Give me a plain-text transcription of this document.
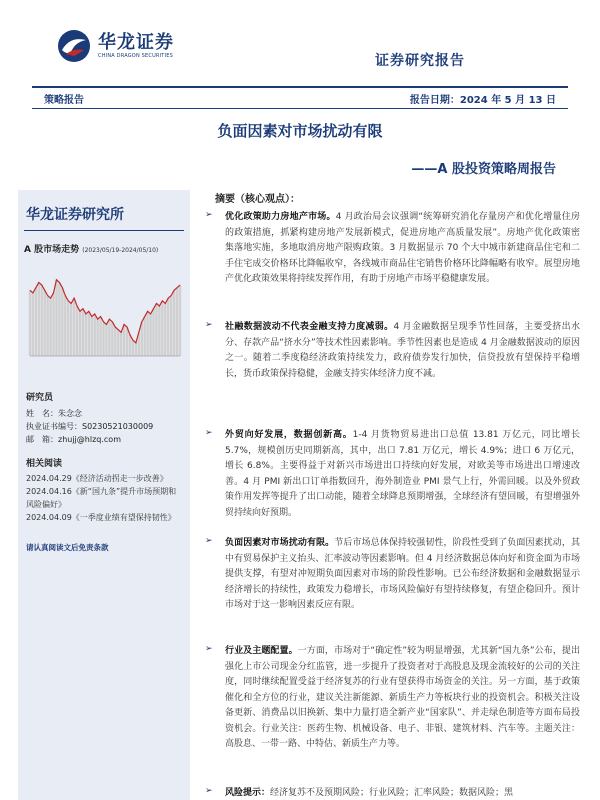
华龙证券
CHINA DRAGON SECURITIES	证券研究报告
策略报告	报告日期：2024 年 5 月 13 日
负面因素对市场扰动有限
——A 股投资策略周报告
华龙证券研究所
A 股市场走势 (2023/05/19-2024/05/10)
研究员
姓　名：朱念念
执业证书编号：S0230521030009
邮　箱：zhujj@hlzq.com
相关阅读
2024.04.29《经济活动拐走一步改善》
2024.04.16《新“国九条”提升市场预期和风险偏好》
2024.04.09《一季度业绩有望保持韧性》
请认真阅读文后免责条款
摘要（核心观点）：
➢ 优化政策助力房地产市场。4 月政治局会议强调“统筹研究消化存量房产和优化增量住房的政策措施，抓紧构建房地产发展新模式，促进房地产高质量发展”。房地产优化政策密集落地实施，多地取消房地产限购政策。3 月数据显示 70 个大中城市新建商品住宅和二手住宅成交价格环比降幅收窄，各线城市商品住宅销售价格环比降幅略有收窄。展望房地产优化政策效果将持续发挥作用，有助于房地产市场平稳健康发展。
➢ 社融数据波动不代表金融支持力度减弱。4 月金融数据呈现季节性回落，主要受挤出水分、存款产品“挤水分”等技术性因素影响。季节性因素也是造成 4 月金融数据波动的原因之一。随着二季度稳经济政策持续发力，政府债券发行加快，信贷投放有望保持平稳增长，货币政策保持稳健，金融支持实体经济力度不减。
➢ 外贸向好发展，数据创新高。1-4 月货物贸易进出口总值 13.81 万亿元，同比增长 5.7%，规模创历史同期新高，其中，出口 7.81 万亿元，增长 4.9%；进口 6 万亿元，增长 6.8%。主要得益于对新兴市场进出口持续向好发展，对欧美等市场进出口增速改善。4 月 PMI 新出口订单指数回升，海外制造业 PMI 景气上行，外需回暖。以及外贸政策作用发挥等提升了出口动能，随着全球降息预期增强，全球经济有望回暖，有望增强外贸持续向好预期。
➢ 负面因素对市场扰动有限。节后市场总体保持较强韧性，阶段性受到了负面因素扰动，其中有贸易保护主义抬头、汇率波动等因素影响。但 4 月经济数据总体向好和资金面为市场提供支撑，有望对冲短期负面因素对市场的阶段性影响。已公布经济数据和金融数据显示经济增长的持续性，政策发力稳增长，市场风险偏好有望持续修复，有望企稳回升。预计市场对于这一影响因素反应有限。
➢ 行业及主题配置。一方面，市场对于“确定性”较为明显增强，尤其新“国九条”公布，提出强化上市公司现金分红监管，进一步提升了投资者对于高股息及现金流较好的公司的关注度，同时继续配置受益于经济复苏的行业有望获得市场资金的关注。另一方面，基于政策催化和全方位的行业，建议关注新能源、新质生产力等板块行业的投资机会。积极关注设备更新、消费品以旧换新、集中力量打造全新产业“国家队”、并走绿色制造等方面布局投资机会。行业关注：医药生物、机械设备、电子、非银、建筑材料、汽车等。主题关注：高股息、一带一路、中特估、新质生产力等。
➢ 风险提示：经济复苏不及预期风险；行业风险；汇率风险；数据风险；黑
